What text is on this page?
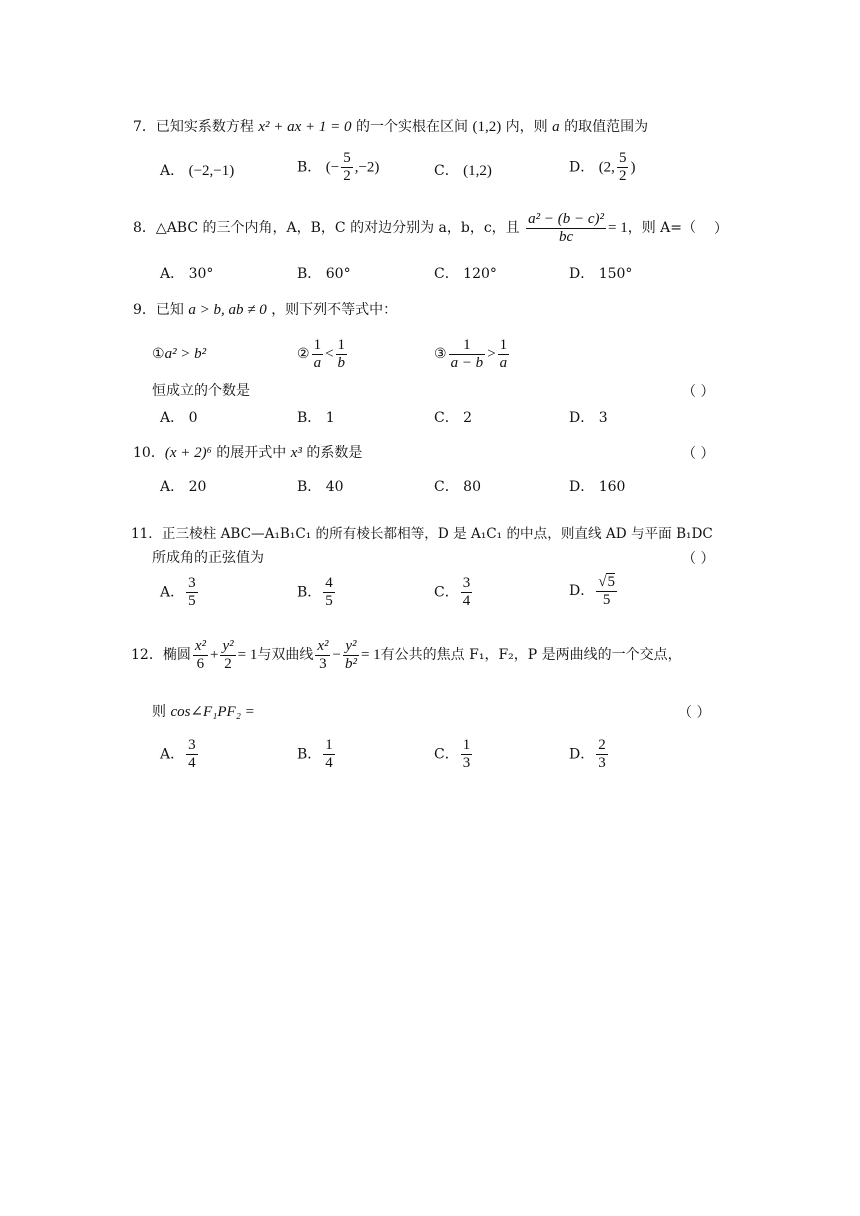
7．已知实系数方程 x² + ax + 1 = 0 的一个实根在区间 (1,2) 内，则 a 的取值范围为
A． (−2,−1)	B． (− $\frac{5}{2} ,-2$)	C． (1,2)	D． (2, $\frac{5}{2}$ )
8．△ABC 的三个内角，A，B，C 的对边分别为 a，b，c，且 $\frac{\text{a² − (b − c)²}}{bc} = 1$，则 A=（ ）
A． 30°	B． 60°	C． 120°	D． 150°
9．已知 a > b, ab ≠ 0 ，则下列不等式中：
①a² > b²	② $\frac{1}{a} < \frac{1}{b}$	③ $\frac{1}{a - b} > \frac{1}{a}$
恒成立的个数是	（ ）
A． 0	B． 1	C． 2	D． 3
10．(x + 2)⁶ 的展开式中 x³ 的系数是	（ ）
A． 20	B． 40	C． 80	D． 160
11．正三棱柱 ABC—A₁B₁C₁ 的所有棱长都相等，D 是 A₁C₁ 的中点，则直线 AD 与平面 B₁DC
所成角的正弦值为	（ ）
A． $\frac{3}{5}$	B． $\frac{4}{5}$	C． $\frac{3}{4}$	D． $\frac{√5}{5}$
12．椭圆 $\frac{\text{x²}}{6} + \frac{\text{y²}}{2} = 1$与双曲线 $\frac{\text{x²}}{3} - \frac{\text{y²}}{\text{b²}} = 1$有公共的焦点 F₁，F₂，P 是两曲线的一个交点，
则 cos∠F₁PF₂ =	（ ）
A． $\frac{3}{4}$	B． $\frac{1}{4}$	C． $\frac{1}{3}$	D． $\frac{2}{3}$
